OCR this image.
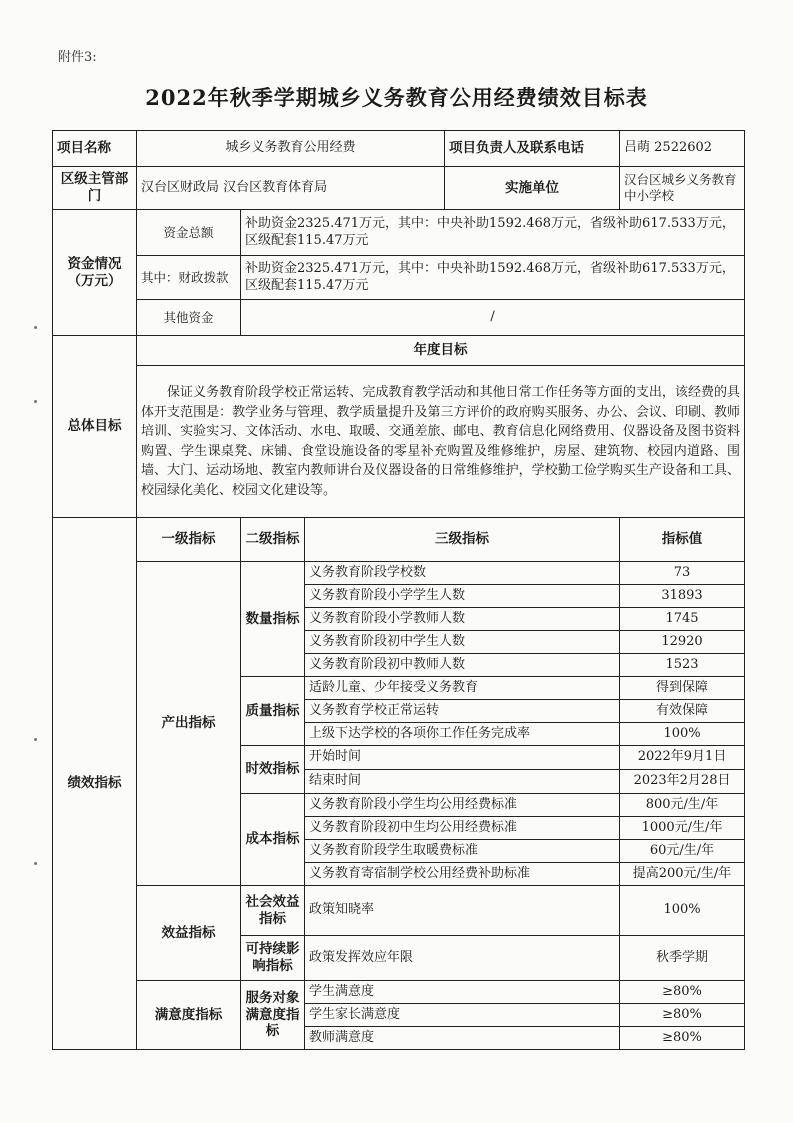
附件3:
2022年秋季学期城乡义务教育公用经费绩效目标表
项目名称	城乡义务教育公用经费			项目负责人及联系电话	吕萌 2522602
区级主管部门	汉台区财政局 汉台区教育体育局			实施单位	汉台区城乡义务教育中小学校
资金情况（万元）	资金总额	补助资金2325.471万元，其中：中央补助1592.468万元，省级补助617.533万元，区级配套115.47万元			
	其中：财政拨款	补助资金2325.471万元，其中：中央补助1592.468万元，省级补助617.533万元，区级配套115.47万元			
	其他资金	/			
总体目标	年度目标				
	保证义务教育阶段学校正常运转、完成教育教学活动和其他日常工作任务等方面的支出，该经费的具体开支范围是：教学业务与管理、教学质量提升及第三方评价的政府购买服务、办公、会议、印刷、教师培训、实验实习、文体活动、水电、取暖、交通差旅、邮电、教育信息化网络费用、仪器设备及图书资料购置、学生课桌凳、床铺、食堂设施设备的零星补充购置及维修维护，房屋、建筑物、校园内道路、围墙、大门、运动场地、教室内教师讲台及仪器设备的日常维修维护，学校勤工俭学购买生产设备和工具、校园绿化美化、校园文化建设等。				
绩效指标	一级指标	二级指标	三级指标		指标值
	产出指标	数量指标	义务教育阶段学校数		73
			义务教育阶段小学学生人数		31893
			义务教育阶段小学教师人数		1745
			义务教育阶段初中学生人数		12920
			义务教育阶段初中教师人数		1523
		质量指标	适龄儿童、少年接受义务教育		得到保障
			义务教育学校正常运转		有效保障
			上级下达学校的各项你工作任务完成率		100%
		时效指标	开始时间		2022年9月1日
			结束时间		2023年2月28日
		成本指标	义务教育阶段小学生均公用经费标准		800元/生/年
			义务教育阶段初中生均公用经费标准		1000元/生/年
			义务教育阶段学生取暖费标准		60元/生/年
			义务教育寄宿制学校公用经费补助标准		提高200元/生/年
	效益指标	社会效益指标	政策知晓率		100%
		可持续影响指标	政策发挥效应年限		秋季学期
	满意度指标	服务对象满意度指标	学生满意度		≥80%
			学生家长满意度		≥80%
			教师满意度		≥80%
